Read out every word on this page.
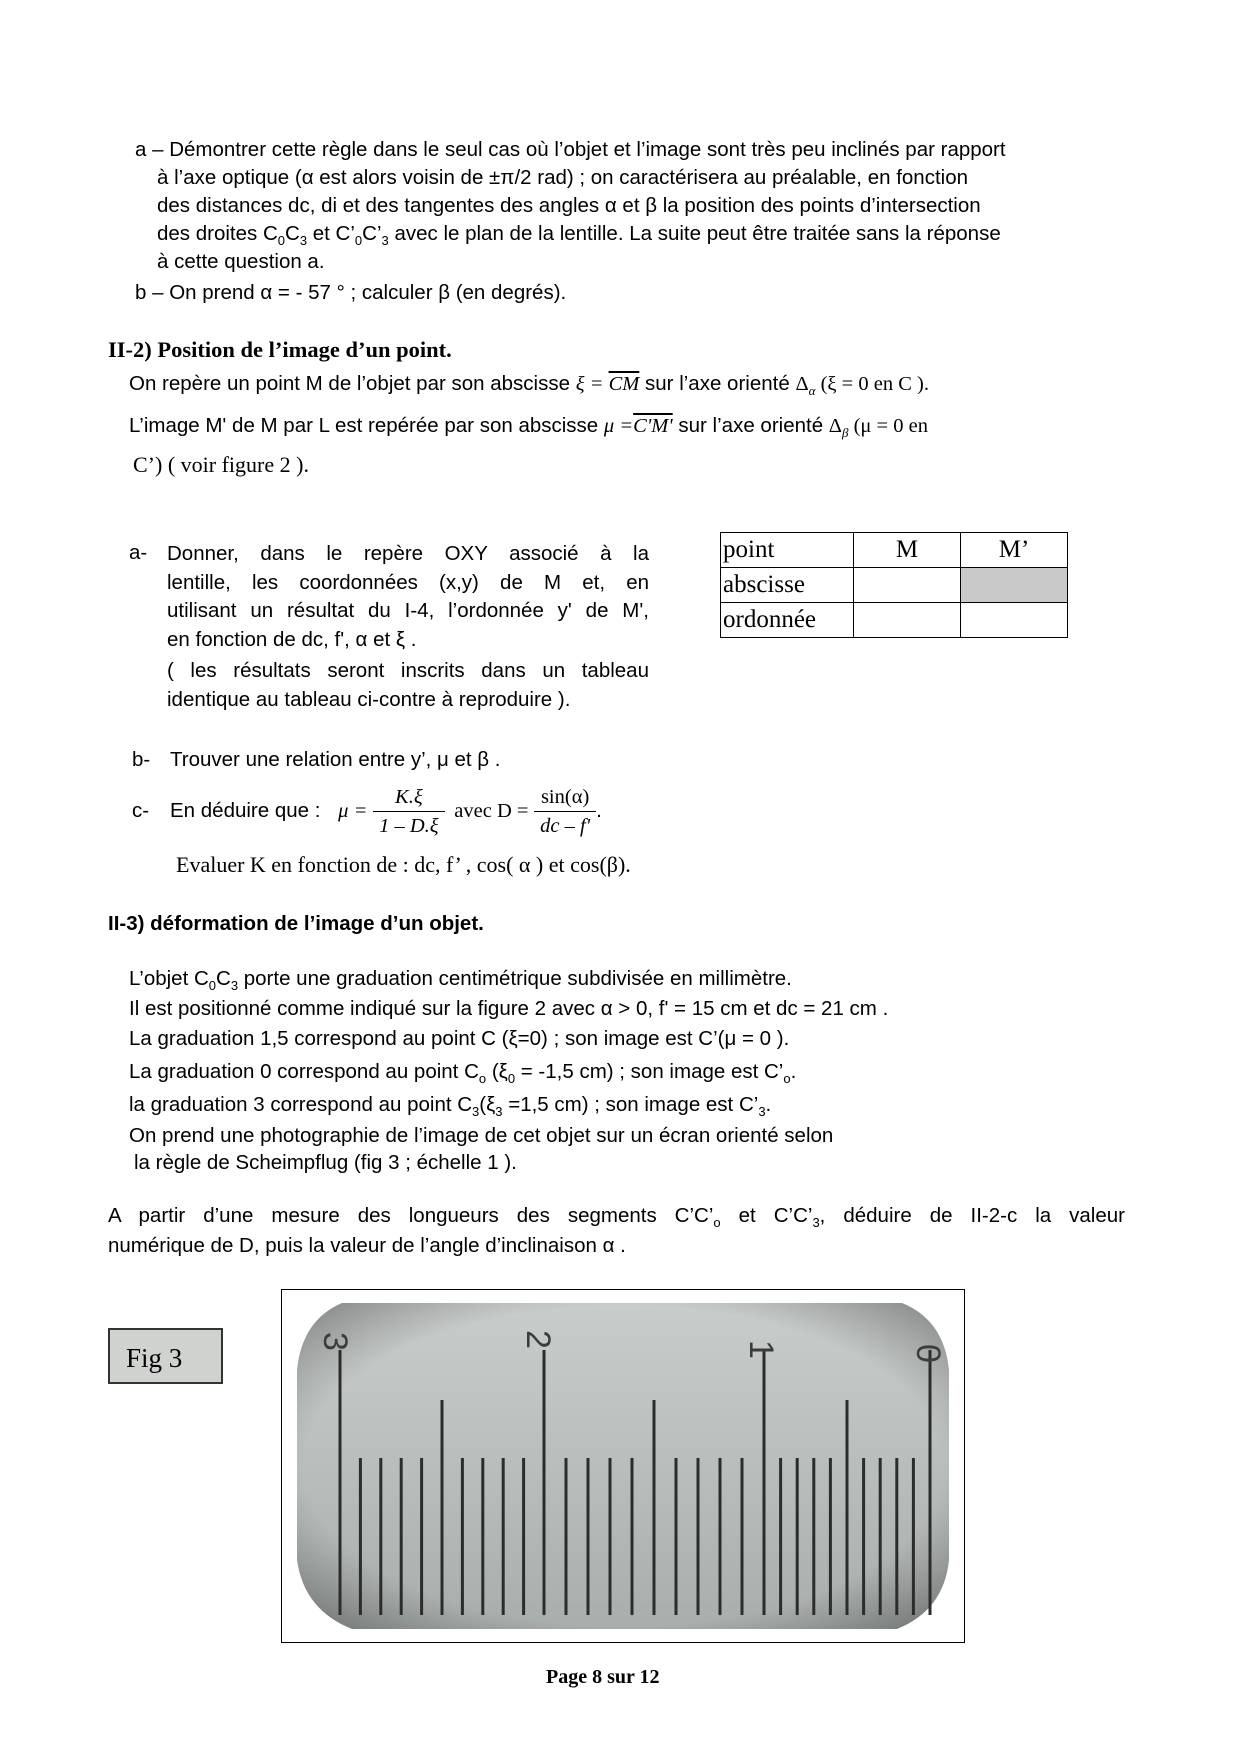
a – Démontrer cette règle dans le seul cas où l’objet et l’image sont très peu inclinés par rapport
à l’axe optique (α est alors voisin de ±π/2 rad) ; on caractérisera au préalable, en fonction
des distances dc, di et des tangentes des angles α et β la position des points d’intersection
des droites $C_0C_3$ et $C’_0C’_3$ avec le plan de la lentille. La suite peut être traitée sans la réponse
à cette question a.
b – On prend α = - 57 ° ; calculer β (en degrés).
II-2) Position de l’image d’un point.
On repère un point M de l’objet par son abscisse $\xi = \overline{CM}$ sur l’axe orienté $\Delta_\alpha$ (ξ = 0 en C ).
L’image M' de M par L est repérée par son abscisse μ =C'M' sur l’axe orienté $\Delta_\beta$ (μ = 0 en
C’) ( voir figure 2 ).
a- Donner, dans le repère OXY associé à la
lentille, les coordonnées (x,y) de M et, en
utilisant un résultat du I-4, l’ordonnée y' de M',
en fonction de dc, f', α et ξ .
( les résultats seront inscrits dans un tableau
identique au tableau ci-contre à reproduire ).
point	M	M’
abscisse		
ordonnée		
b- Trouver une relation entre y’, μ et β .
c- En déduire que : $\mu = \frac{K.\xi}{1 - D.\xi}$ avec $D = \frac{\sin(\alpha)}{dc - f'}$ .
Evaluer K en fonction de : dc, f’ , cos( α ) et cos(β).
II-3) déformation de l’image d’un objet.
L’objet $C_0C_3$ porte une graduation centimétrique subdivisée en millimètre.
Il est positionné comme indiqué sur la figure 2 avec α > 0, f' = 15 cm et dc = 21 cm .
La graduation 1,5 correspond au point C (ξ=0) ; son image est C’(μ = 0 ).
La graduation 0 correspond au point $C_o$ ($\xi_0 = -1,5$ cm) ; son image est $C’_o$.
la graduation 3 correspond au point $C_3(\xi_3 =1,5$ cm) ; son image est $C’_3$.
On prend une photographie de l’image de cet objet sur un écran orienté selon
la règle de Scheimpflug (fig 3 ; échelle 1 ).
A partir d’une mesure des longueurs des segments $C’C’_o$ et $C’C’_3$, déduire de II-2-c la valeur
numérique de D, puis la valeur de l’angle d’inclinaison α .
Fig 3
3	2
1	0
Page 8 sur 12
